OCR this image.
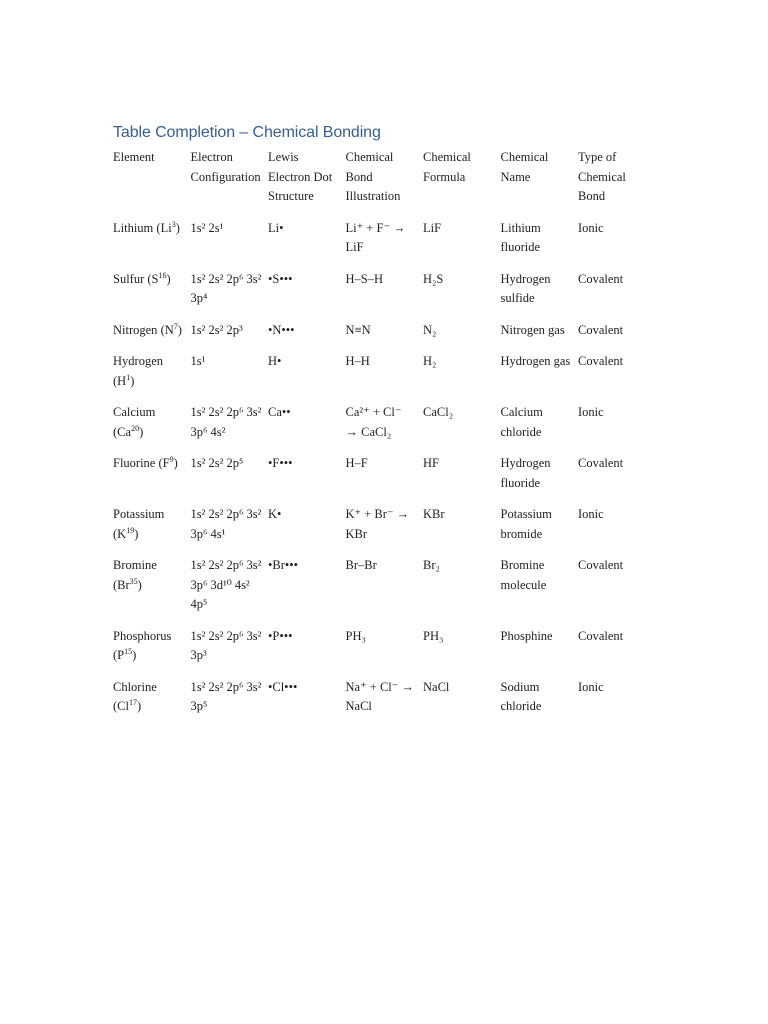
Table Completion – Chemical Bonding
Element	Electron Configuration	Lewis Electron Dot Structure	Chemical Bond Illustration	Chemical Formula	Chemical Name	Type of Chemical Bond
Lithium (Li$^3$)	1s² 2s¹	Li•	Li⁺ + F⁻ → LiF	LiF	Lithium fluoride	Ionic
Sulfur $(S^{16})$	1s² 2s² 2p⁶ 3s² 3p⁴	•S•••	H–S–H	H₂S	Hydrogen sulfide	Covalent
Nitrogen $(N^7)$	1s² 2s² 2p³	•N•••	N≡N	N₂	Nitrogen gas	Covalent
Hydrogen $(H^1)$	1s¹	H•	H–H	H₂	Hydrogen gas	Covalent
Calcium (Ca$^{20}$)	1s² 2s² 2p⁶ 3s² 3p⁶ 4s²	Ca••	Ca²⁺ + Cl⁻ → CaCl₂	CaCl₂	Calcium chloride	Ionic
Fluorine $(F^9)$	1s² 2s² 2p⁵	•F•••	H–F	HF	Hydrogen fluoride	Covalent
Potassium $(K^{19})$	1s² 2s² 2p⁶ 3s² 3p⁶ 4s¹	K•	K⁺ + Br⁻ → KBr	KBr	Potassium bromide	Ionic
Bromine (Br$^{35}$)	1s² 2s² 2p⁶ 3s² 3p⁶ 3d¹⁰ 4s² 4p⁵	•Br•••	Br–Br	Br₂	Bromine molecule	Covalent
Phosphorus $(P^{15})$	1s² 2s² 2p⁶ 3s² 3p³	•P•••	PH₃	PH₃	Phosphine	Covalent
Chlorine (Cl$^{17}$)	1s² 2s² 2p⁶ 3s² 3p⁵	•Cl•••	Na⁺ + Cl⁻ → NaCl	NaCl	Sodium chloride	Ionic
